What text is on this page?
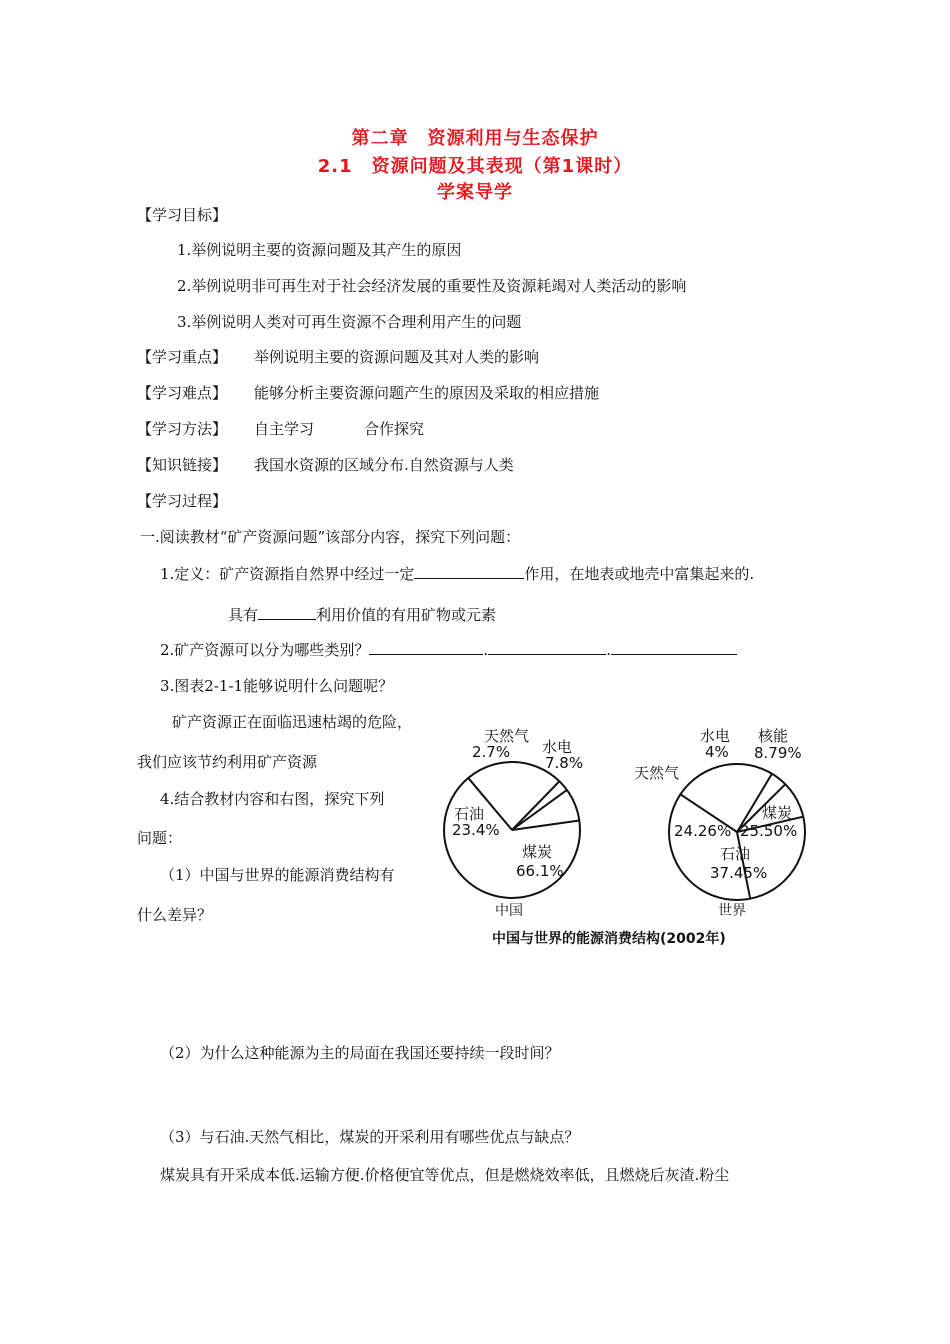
第二章　资源利用与生态保护
2.1　资源问题及其表现（第1课时）
学案导学
【学习目标】
1.举例说明主要的资源问题及其产生的原因
2.举例说明非可再生对于社会经济发展的重要性及资源耗竭对人类活动的影响
3.举例说明人类对可再生资源不合理利用产生的问题
【学习重点】 举例说明主要的资源问题及其对人类的影响
【学习难点】 能够分析主要资源问题产生的原因及采取的相应措施
【学习方法】 自主学习	合作探究
【知识链接】 我国水资源的区域分布.自然资源与人类
【学习过程】
一.阅读教材“矿产资源问题”该部分内容，探究下列问题：
1.定义：矿产资源指自然界中经过一定	作用，在地表或地壳中富集起来的.
具有	利用价值的有用矿物或元素
2.矿产资源可以分为哪些类别？	.	.
3.图表2-1-1能够说明什么问题呢？
矿产资源正在面临迅速枯竭的危险，
我们应该节约利用矿产资源
4.结合教材内容和右图，探究下列
问题：
（1）中国与世界的能源消费结构有
什么差异？
（2）为什么这种能源为主的局面在我国还要持续一段时间？
（3）与石油.天然气相比，煤炭的开采利用有哪些优点与缺点？
煤炭具有开采成本低.运输方便.价格便宜等优点，但是燃烧效率低，且燃烧后灰渣.粉尘
天然气
2.7% 水电
7.8%
石油
23.4%
煤炭
66.1%
中国
水电
4%
核能
8.79%
天然气
24.26%
煤炭
25.50%
石油
37.45%
世界
中国与世界的能源消费结构(2002年)
